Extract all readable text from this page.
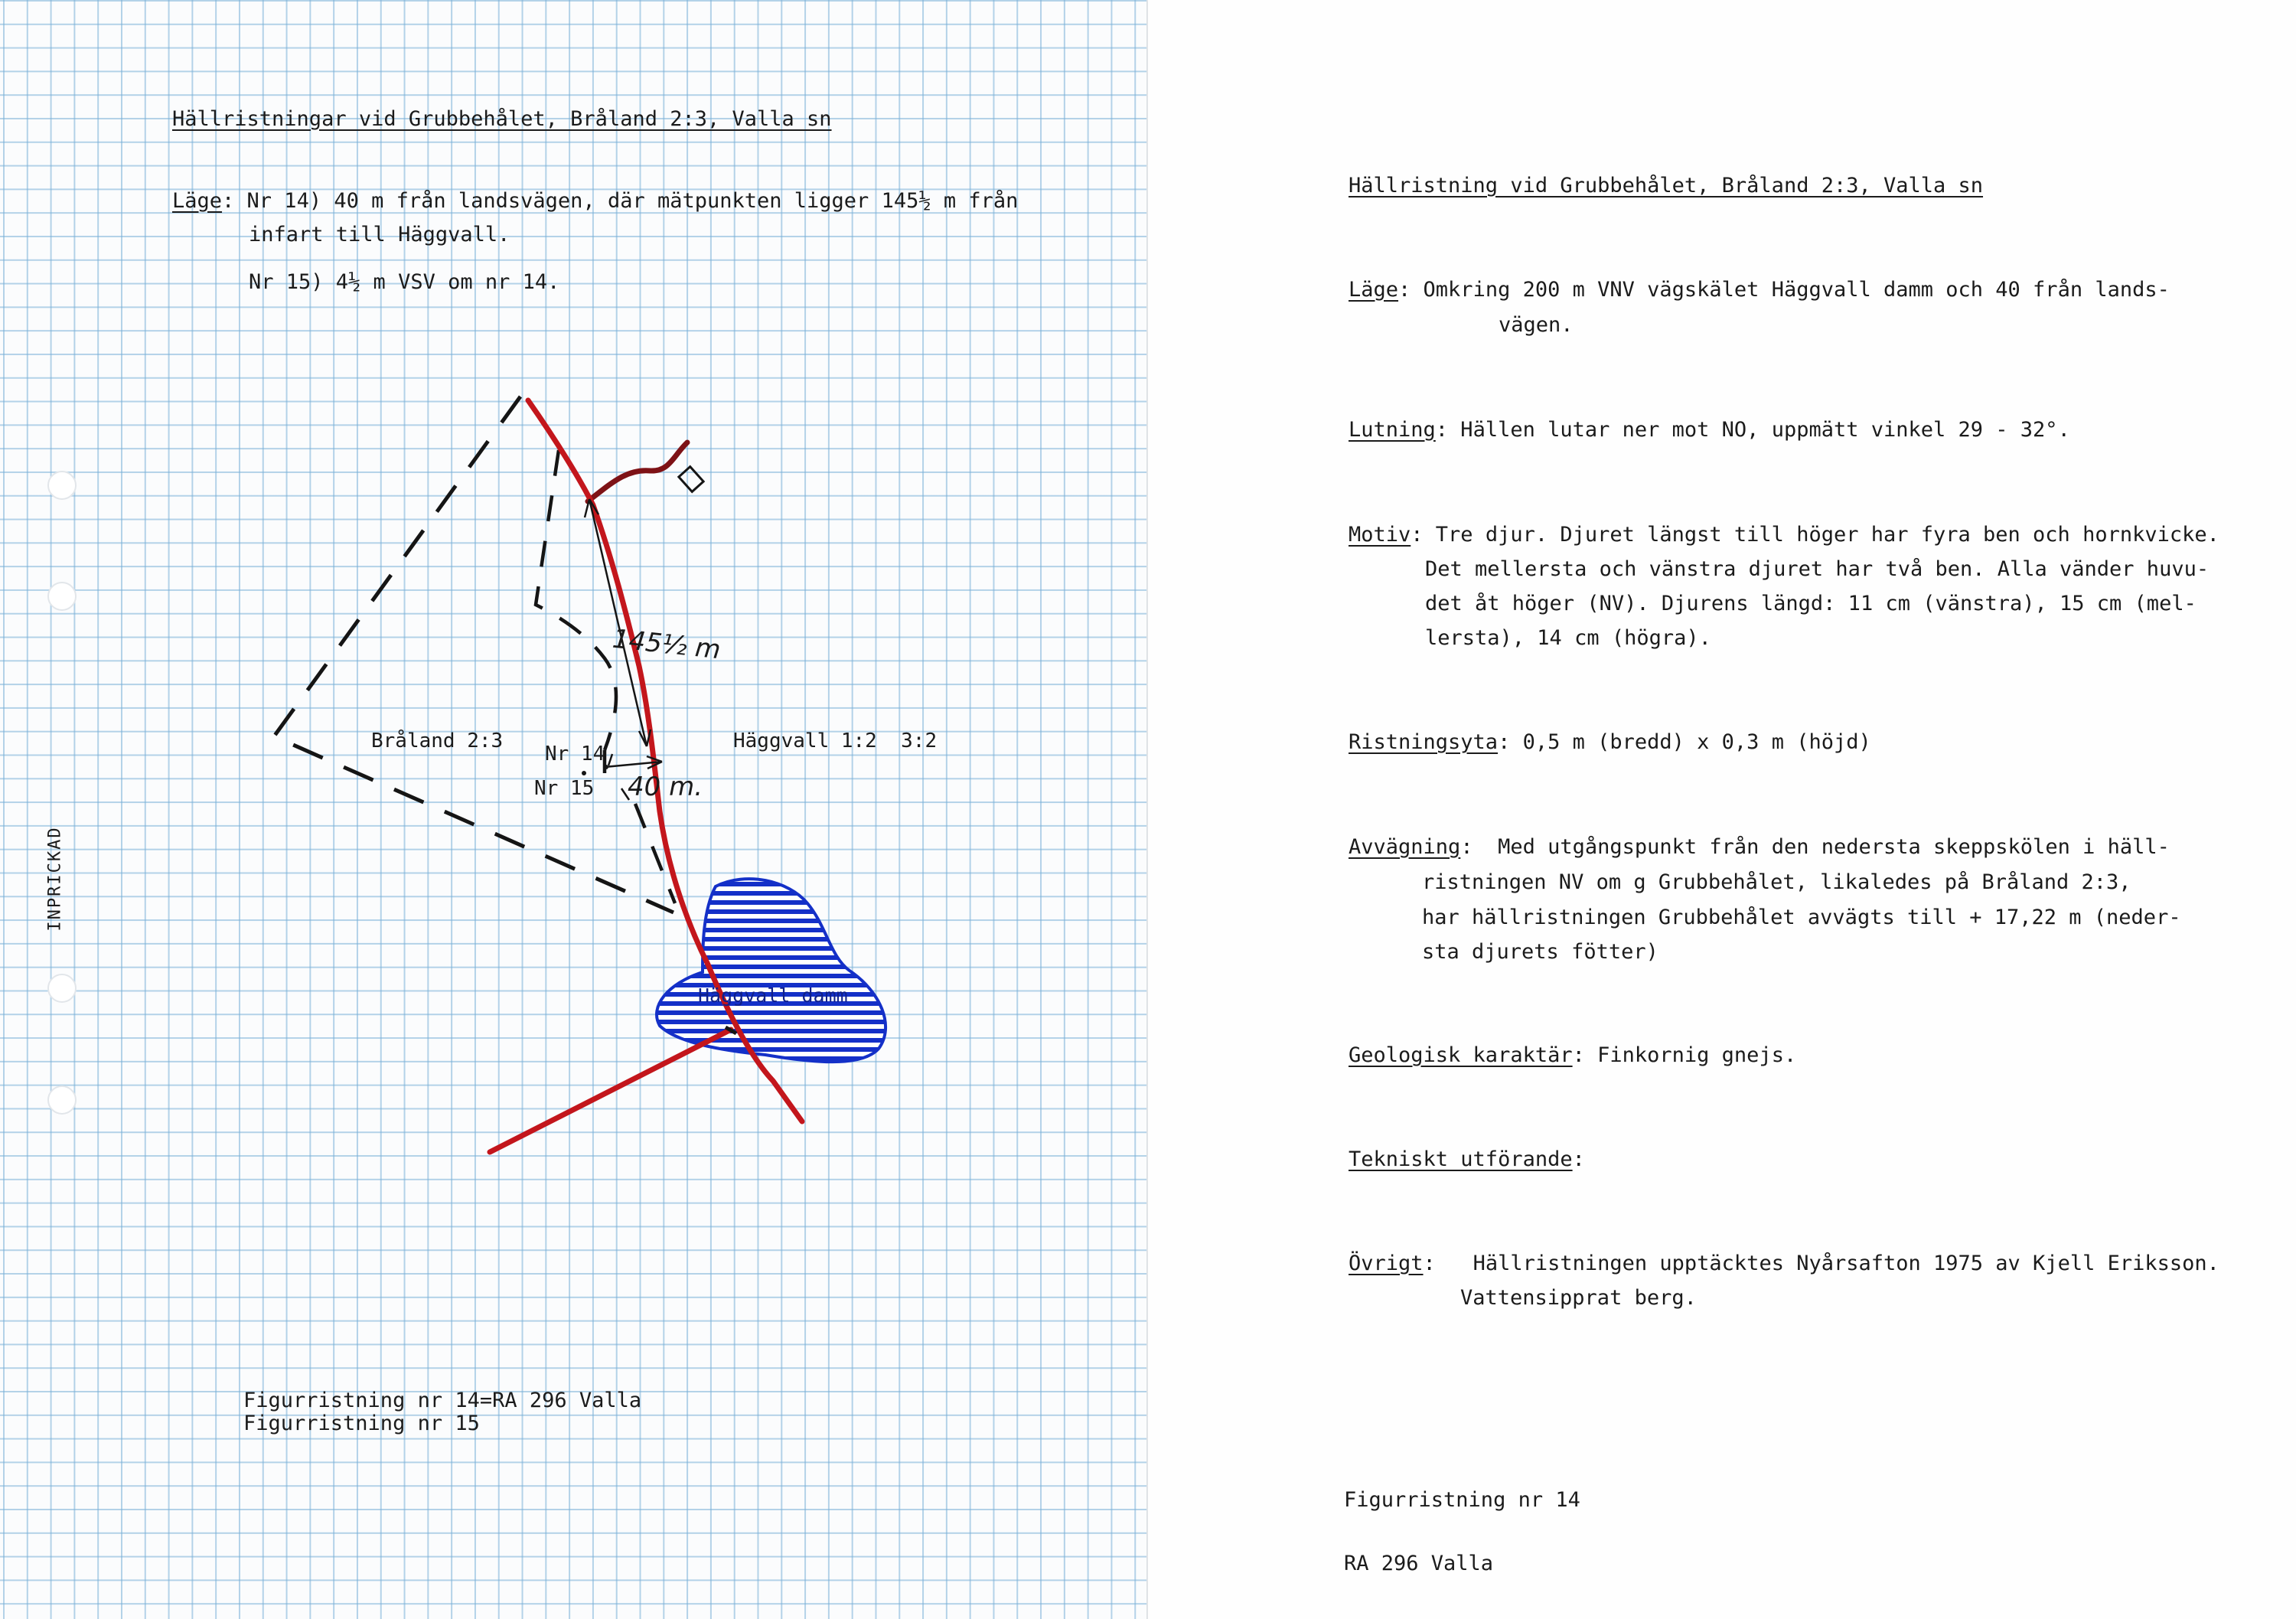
Hällristningar vid Grubbehålet, Bråland 2:3, Valla sn
Läge: Nr 14) 40 m från landsvägen, där mätpunkten ligger 145½ m från
infart till Häggvall.
Nr 15) 4½ m VSV om nr 14.
INPRICKAD
Bråland 2:3	Häggvall 1:2  3:2
Nr 14
Nr 15
145½ m
40 m.
Häggvall damm
Figurristning nr 14=RA 296 Valla
Figurristning nr 15
Hällristning vid Grubbehålet, Bråland 2:3, Valla sn
Läge: Omkring 200 m VNV vägskälet Häggvall damm och 40 från lands-
vägen.
Lutning: Hällen lutar ner mot NO, uppmätt vinkel 29 - 32°.
Motiv: Tre djur. Djuret längst till höger har fyra ben och hornkvicke.
Det mellersta och vänstra djuret har två ben. Alla vänder huvu-
det åt höger (NV). Djurens längd: 11 cm (vänstra), 15 cm (mel-
lersta), 14 cm (högra).
Ristningsyta: 0,5 m (bredd) x 0,3 m (höjd)
Avvägning:  Med utgångspunkt från den nedersta skeppskölen i häll-
ristningen NV om g Grubbehålet, likaledes på Bråland 2:3,
har hällristningen Grubbehålet avvägts till + 17,22 m (neder-
sta djurets fötter)
Geologisk karaktär: Finkornig gnejs.
Tekniskt utförande:
Övrigt:   Hällristningen upptäcktes Nyårsafton 1975 av Kjell Eriksson.
Vattensipprat berg.
Figurristning nr 14
RA 296 Valla
